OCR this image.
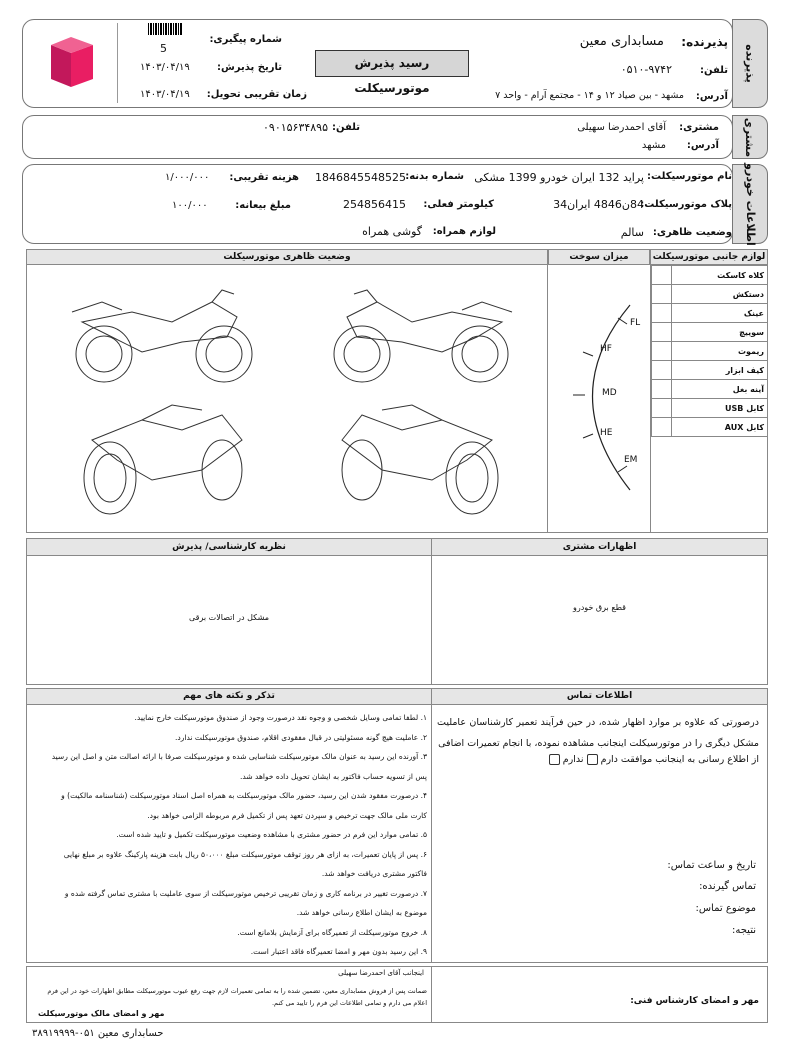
پذیرنده
5
شماره پیگیری:
۱۴۰۳/۰۴/۱۹	تاریخ پذیرش:
۱۴۰۳/۰۴/۱۹ زمان تقریبی تحویل:
رسید پذیرش موتورسیکلت
پذیرنده:
مسابداری معین
تلفن:
۰۵۱۰-۹۷۴۲
آدرس:
مشهد - بین صیاد ۱۲ و ۱۴ - مجتمع آرام - واحد ۷
مشتری
مشتری:
آقای احمدرضا سهیلی
تلفن:
۰۹۰۱۵۶۳۴۸۹۵
آدرس:
مشهد
اطلاعات خودرو
نام موتورسیکلت:
پراید 132 ایران خودرو 1399 مشکی
شماره بدنه:
1846845548525
هزینه تقریبی:
۱/۰۰۰/۰۰۰
پلاک موتورسیکلت:
84ن4846 ایران34
کیلومتر فعلی:
254856415
مبلغ بیعانه:
۱۰۰/۰۰۰
وضعیت ظاهری:
سالم
لوازم همراه:
گوشی همراه
لوازم جانبی موتورسیکلت
میزان سوخت
وضعیت ظاهری موتورسیکلت
کلاه کاسکت	
دستکش	
عینک	
سوییچ	
ریموت	
کیف ابزار	
آینه بغل	
کابل USB	
کابل AUX	
FL
HF
MD
HE
EM
اظهارات مشتری
نظریه کارشناسی/ پذیرش
قطع برق خودرو
مشکل در اتصالات برقی
اطلاعات تماس
تذکر و نکته های مهم
درصورتی که علاوه بر موارد اظهار شده، در حین فرآیند تعمیر کارشناسان عاملیت مشکل دیگری را در موتورسیکلت اینجانب مشاهده نموده، با انجام تعمیرات اضافی
از اطلاع رسانی به اینجانب موافقت دارم  ندارم
تاریخ و ساعت تماس:
تماس گیرنده:
موضوع تماس:
نتیجه:
۱. لطفا تمامی وسایل شخصی و وجوه نقد درصورت وجود از صندوق موتورسیکلت خارج نمایید.
۲. عاملیت هیچ گونه مسئولیتی در قبال مفقودی اقلام، صندوق موتورسیکلت ندارد.
۳. آورنده این رسید به عنوان مالک موتورسیکلت شناسایی شده و موتورسیکلت صرفا با ارائه اصالت متن و اصل این رسید
پس از تسویه حساب فاکتور به ایشان تحویل داده خواهد شد.
۴. درصورت مفقود شدن این رسید، حضور مالک موتورسیکلت به همراه اصل اسناد موتورسیکلت (شناسنامه مالکیت) و
کارت ملی مالک جهت ترخیص و سپردن تعهد پس از تکمیل فرم مربوطه الزامی خواهد بود.
۵. تمامی موارد این فرم در حضور مشتری با مشاهده وضعیت موتورسیکلت تکمیل و تایید شده است.
۶. پس از پایان تعمیرات، به ازای هر روز توقف موتورسیکلت مبلغ ۵۰،۰۰۰ ریال بابت هزینه پارکینگ علاوه بر مبلغ نهایی
فاکتور مشتری دریافت خواهد شد.
۷. درصورت تغییر در برنامه کاری و زمان تقریبی ترخیص موتورسیکلت از سوی عاملیت با مشتری تماس گرفته شده و
موضوع به ایشان اطلاع رسانی خواهد شد.
۸. خروج موتورسیکلت از تعمیرگاه برای آزمایش بلامانع است.
۹. این رسید بدون مهر و امضا تعمیرگاه فاقد اعتبار است.
مهر و امضای کارشناس فنی:
اینجانب آقای احمدرضا سهیلی
ضمانت پس از فروش مسابداری معین، تضمین شده را به تمامی تعمیرات لازم جهت رفع عیوب موتورسیکلت مطابق اظهارات خود در این فرم اعلام می دارم و تمامی اطلاعات این فرم را تایید می کنم.
مهر و امضای مالک موتورسیکلت
حسابداری معین ۰۵۱-۳۸۹۱۹۹۹۹
